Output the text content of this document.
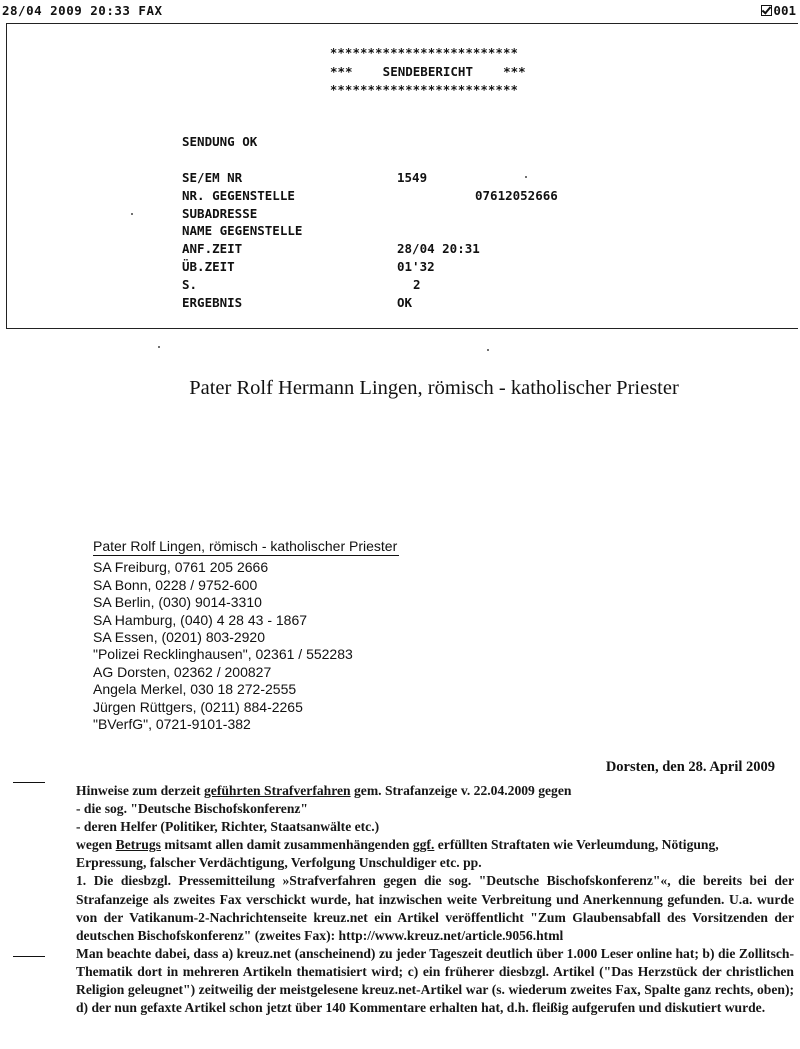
28/04 2009 20:33 FAX	001
*************************
***    SENDEBERICHT    ***
*************************
SENDUNG OK
SE/EM NR	1549
NR. GEGENSTELLE	07612052666
SUBADRESSE
NAME GEGENSTELLE
ANF.ZEIT	28/04 20:31
ÜB.ZEIT	01'32
S.	2
ERGEBNIS	OK
Pater Rolf Hermann Lingen, römisch - katholischer Priester
Pater Rolf Lingen, römisch - katholischer Priester
SA Freiburg, 0761 205 2666
SA Bonn, 0228 / 9752-600
SA Berlin, (030) 9014-3310
SA Hamburg, (040) 4 28 43 - 1867
SA Essen, (0201) 803-2920
"Polizei Recklinghausen", 02361 / 552283
AG Dorsten, 02362 / 200827
Angela Merkel, 030 18 272-2555
Jürgen Rüttgers, (0211) 884-2265
"BVerfG", 0721-9101-382
Dorsten, den 28. April 2009

Hinweise zum derzeit geführten Strafverfahren gem. Strafanzeige v. 22.04.2009 gegen

- die sog. "Deutsche Bischofskonferenz"

- deren Helfer (Politiker, Richter, Staatsanwälte etc.)

wegen Betrugs mitsamt allen damit zusammenhängenden ggf. erfüllten Straftaten wie Verleumdung, Nötigung,

Erpressung, falscher Verdächtigung, Verfolgung Unschuldiger etc. pp.

1. Die diesbzgl. Pressemitteilung »Strafverfahren gegen die sog. "Deutsche Bischofskonferenz"«, die bereits bei der Strafanzeige als zweites Fax verschickt wurde, hat inzwischen weite Verbreitung und Anerkennung gefunden. U.a. wurde von der Vatikanum-2-Nachrichtenseite kreuz.net ein Artikel veröffentlicht "Zum Glaubensabfall des Vorsitzenden der deutschen Bischofskonferenz" (zweites Fax): http://www.kreuz.net/article.9056.html

Man beachte dabei, dass a) kreuz.net (anscheinend) zu jeder Tageszeit deutlich über 1.000 Leser online hat; b) die Zollitsch-Thematik dort in mehreren Artikeln thematisiert wird; c) ein früherer diesbzgl. Artikel ("Das Herzstück der christlichen Religion geleugnet") zeitweilig der meistgelesene kreuz.net-Artikel war (s. wiederum zweites Fax, Spalte ganz rechts, oben); d) der nun gefaxte Artikel schon jetzt über 140 Kommentare erhalten hat, d.h. fleißig aufgerufen und diskutiert wurde.
